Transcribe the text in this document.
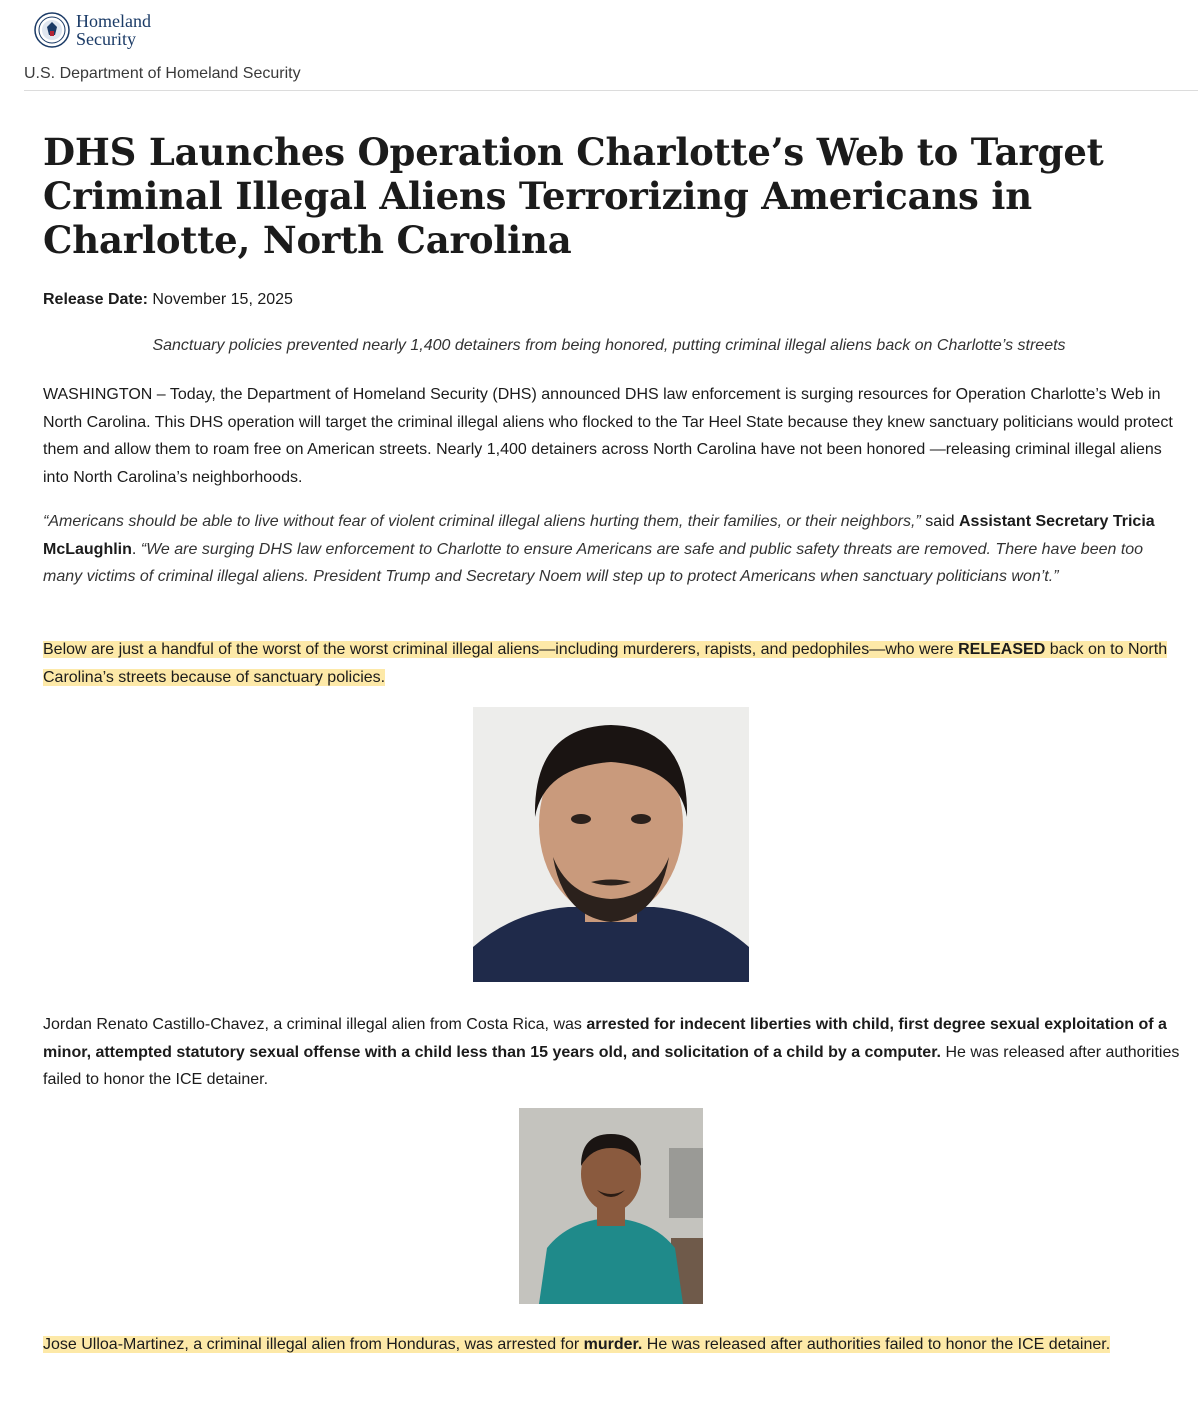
Homeland
Security
U.S. Department of Homeland Security
DHS Launches Operation Charlotte’s Web to Target Criminal Illegal Aliens Terrorizing Americans in Charlotte, North Carolina
Release Date: November 15, 2025
Sanctuary policies prevented nearly 1,400 detainers from being honored, putting criminal illegal aliens back on Charlotte’s streets

WASHINGTON – Today, the Department of Homeland Security (DHS) announced DHS law enforcement is surging resources for Operation Charlotte’s Web in North Carolina. This DHS operation will target the criminal illegal aliens who flocked to the Tar Heel State because they knew sanctuary politicians would protect them and allow them to roam free on American streets. Nearly 1,400 detainers across North Carolina have not been honored —releasing criminal illegal aliens into North Carolina’s neighborhoods.

“Americans should be able to live without fear of violent criminal illegal aliens hurting them, their families, or their neighbors,” said Assistant Secretary Tricia McLaughlin. “We are surging DHS law enforcement to Charlotte to ensure Americans are safe and public safety threats are removed. There have been too many victims of criminal illegal aliens. President Trump and Secretary Noem will step up to protect Americans when sanctuary politicians won’t.”

Below are just a handful of the worst of the worst criminal illegal aliens—including murderers, rapists, and pedophiles—who were RELEASED back on to North Carolina’s streets because of sanctuary policies.

Jordan Renato Castillo-Chavez, a criminal illegal alien from Costa Rica, was arrested for indecent liberties with child, first degree sexual exploitation of a minor, attempted statutory sexual offense with a child less than 15 years old, and solicitation of a child by a computer. He was released after authorities failed to honor the ICE detainer.

Jose Ulloa-Martinez, a criminal illegal alien from Honduras, was arrested for murder. He was released after authorities failed to honor the ICE detainer.
